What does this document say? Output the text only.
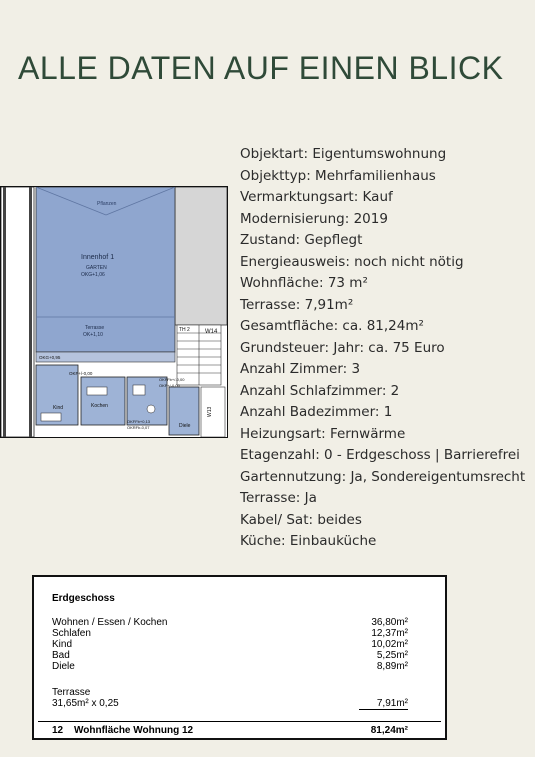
ALLE DATEN AUF EINEN BLICK
Pflanzen
Innenhof 1
GARTEN
OKG+1,06
Terrasse
OK+1,10
TH 2	W14
OKG+0,95
OKF+/-0,00
Kind	Kochen
OKFFb+0,13
OKRFb-0,07
OKFFb+/-0,00
OKF+/-0,00
Diele
W13
Objektart: Eigentumswohnung
Objekttyp: Mehrfamilienhaus
Vermarktungsart: Kauf
Modernisierung: 2019
Zustand: Gepflegt
Energieausweis: noch nicht nötig
Wohnfläche: 73 m²
Terrasse: 7,91m²
Gesamtfläche: ca. 81,24m²
Grundsteuer: Jahr: ca. 75 Euro
Anzahl Zimmer: 3
Anzahl Schlafzimmer: 2
Anzahl Badezimmer: 1
Heizungsart: Fernwärme
Etagenzahl: 0 - Erdgeschoss | Barrierefrei
Gartennutzung: Ja, Sondereigentumsrecht
Terrasse: Ja
Kabel/ Sat: beides
Küche: Einbauküche
Erdgeschoss
Wohnen / Essen / Kochen	36,80m²
Schlafen	12,37m²
Kind	10,02m²
Bad	5,25m²
Diele	8,89m²
Terrasse
31,65m² x 0,25	7,91m²
12 Wohnfläche Wohnung 12	81,24m²
